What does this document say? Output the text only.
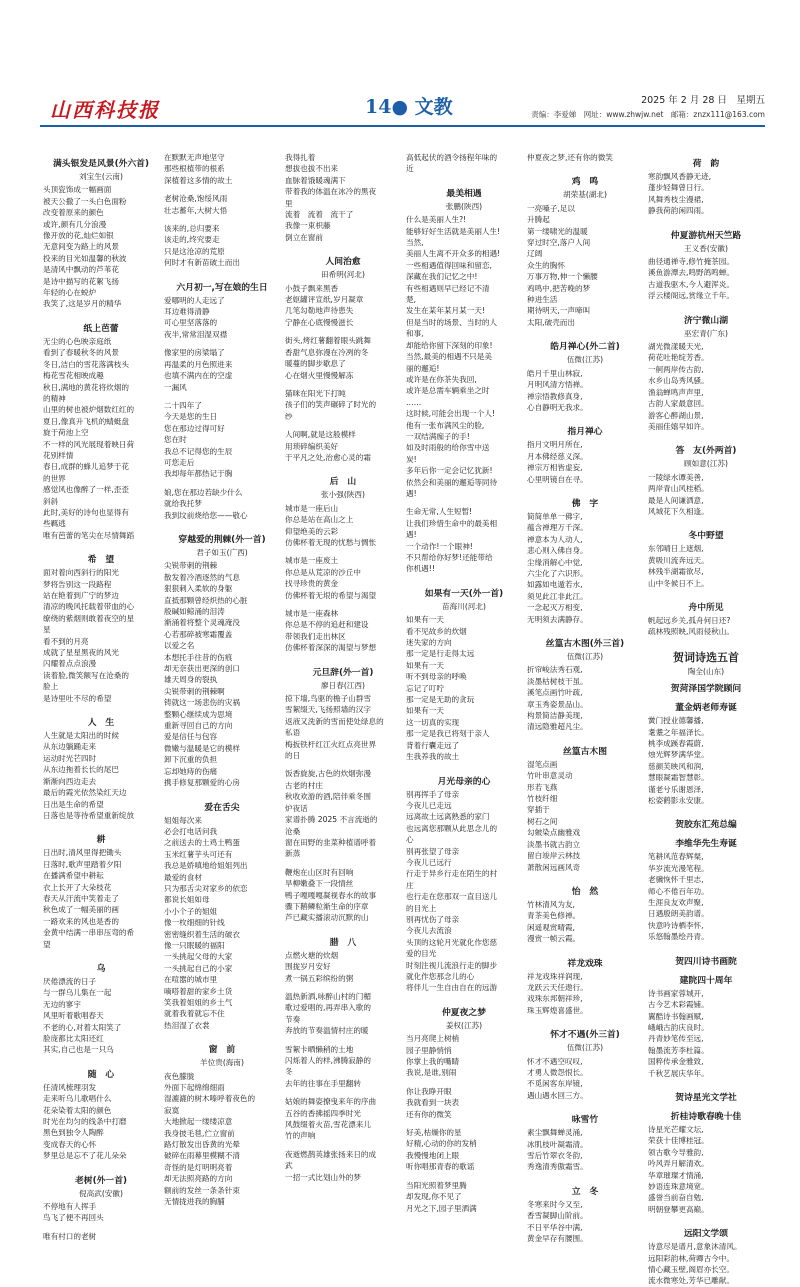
山西科技报	14● 文教	2025 年 2 月 28 日　星期五
责编：李爱娣　网址：www.zhwjw.net　邮箱：znzx111@163.com

满头银发是风景(外六首)

刘宝生(云南)

头顶瓷饰成一幅画面

被天公撒了一头白色面粉

改变着原来的颜色

或许,颜有几分浪漫

像开放的花,灿烂如银

无意间变为路上的风景

投来的目光如温馨的秋波

是清风中飘动的芦苇花

是诗中描写的花絮飞扬

年轻的心在蜕炉

我笑了,这是岁月的精华

纸上芭蕾

无尘的心色映亲庭纸

看到了春暖秋冬的风景

冬日,洁白的雪花落满枝头

梅花雪花相映成趣

秋日,满地的黄花将炊烟的

的精神

山里的树也被炉烟数红红的

夏日,像真升飞机的蜻蜓盘

旋于荷池上空

不一样的风光展现着映日荷

花别样情

春日,成群的蜂儿追梦于花

的世界

感觉风也像醉了一样,歪歪

斜斜

此时,美好的诗句也显得有

些羁逃

唯有芭蕾的笔尖在尽情舞蹈

希　望

面对着向西斜行的阳光

梦将告别这一段路程

站在艳着到广宁的梦边

清凉的晚风托载着带血的心

缭绕的紫烟则敢着夜空的星

星

看不到的月亮

成就了星星黑夜的风光

闪耀着点点浪漫

读着脸,微笑额写在沧桑的

脸上

是诗里吐不尽的希望

人　生

人生就是太阳出的时候

从东边躺踊走来

运动时光芒四时

从东边拖着长长的尾巴

渐渐向西边走去

最后的霞光依然染红天边

日出是生命的希望

日落也是等待希望重新绽放

耕

日出时,清风里得把锄头

日落时,歌声里踏着夕阳

在播满希望中耕耘

衣上长开了大朵枝花

春天从汗流中笑着走了

秋色成了一幅美丽的画

一路欢来的风也是香的

金黄中结满一串串压弯的希

望

乌

厌倦漂流的日子

与一群乌儿集在一起

无边的寥宇

风里听着歌唱春天

不老的心,对着太阳笑了

脸庞都比太阳还红

其实,自己也是一只乌

随　心

任清风梳理羽发

走来听乌儿歌唱什么

花朵染着太阳的颜色

时光在均匀的线条中打磨

黑色到独令人陶醉

变成春天的心怀

梦里总是忘不了花儿朵朵

老树(外一首)

倪高武(安徽)

不停地有人挥手

鸟飞了便不再回头

唯有村口的老树

在默默无声地坚守

那些根植带的根系

深植着这多情的故土

老树沧桑,饱绥风雨

壮志蓄年,大树大悟

该来的,总归要来

该走的,终究要走

只是这沧凉的荒原

何时才有新苗破土而出

六月初一,写在娘的生日

爱哪明的人走远了

耳边难得清静

可心里坚落落的

夜半,常常泪湿双襟

像家里的房梁塌了

再温柔的月色照进来

也填不满内在的空虚

一漏风

二十四年了

今天是您的生日

您在那边过得可好

您在时

我总不记得您的生辰

可您走后

我却每年都热记于胸

娘,您在那边若缺少什么

就给我托梦

我到坟前烧给您——敬心

穿越爱的荆棘(外一首)

君子如玉(广西)

尖锐带刺的荆棘

散发着冷酒逐然的气息

狠狠刺入柔软的身躯

直抵那颗曾经炽热的心脏

殷碱如鲸涌的泪涛

渐涌着将整个灵魂淹没

心若那碎被寒霜覆盖

以爱之名

本想托手往昔的伤痕

却无奈获出更深的创口

雄天周身的裂执

尖锐带刺的荆棘啊

铸就这一场悲伤的灾祸

整颗心继续成为思境

重新寻回自己的方向

爱是信任与包容

微嫩与温暖是它的模样

卸下沉重的负担

忘却她痔的伤痛

携手修复那颗爱的心房

爱在舌尖

姐姐每次来

必会打电话问我

之前送去的土鸡土鸭蛋

玉米红薯芋头可还有

我总是娇嗔地给姐姐列出

最爱的食材

只为那舌尖对家乡的依恋

都说长姐如母

小小个子的姐姐

像一枚细细的针线

密密缝织着生活的破衣

像一只眠暖的福阳

一头挑起父母的大家

一头挑起自己的小家

在喧嚣的城市里

嘀嗒着甜的家乡土货

笑我着姐姐的乡土气

就着我着就忘不住

热泪湿了衣裳

窗　前

羊位贵(海南)

夜色朦胧

外面下起绵绵细雨

湿漉漉的树木嗪呼着夜色的

寂寞

大地掀起一缕缕凉意

我身披毛毯,伫立窗前

路灯散发出昏黄的光晕

破碎在雨幕里模糊不清

奇怪的是灯明明亮着

却无法照亮路的方向

额前的发丝一条条针束

无情拢进我的胸脯

我得扎着

想拔也拔不出来

血脉着饿暖魂满下

带着我的体温在冰冷的黑夜

里

流着　流着　流干了

我像一束枳藤

倒立在窗前

人间治愈

田希明(河北)

小鼓子飘来黑香

老妪罐评宣纸,岁月凝章

几笔勾勒地声待患失

宁静在心底慢慢滋长

街头,烤红薯翻着眼头跳舞

香甜气息弥漫在冷冽的冬

暖蔓的脚步歇息了

心在烟火里慢慢解冻

猫咪在阳光下打盹

孩子们的笑声碾碎了时光的

纱

人间啊,就是这般模样

用琐碎编织美好

于平凡之处,治愈心灵的霜

后　山

张小强(陕西)

城市是一座后山

你总是站在高山之上

仰望绝美的云彩

仿佛杯着无现的忧愁与惆怅

城市是一座废土

你总是从荒凉的沙丘中

找寻珍贵的黄金

仿佛杯着无垠的希望与渴望

城市是一座森林

你总是不停的追赶和建设

带领我们走出林区

仿佛杯着深深的渴望与梦想

元旦辞(外一首)

廖日春(江西)

掠下墙,鸟驱的檐子山群雪

雪絮缀天,飞扬照墙的汉字

返液又洗新的雪而使处绿息的

私语

梅扳铁杆红江火红点亮世界

的日

饭香旋旋,古色的炊烟弥漫

古老的村庄

秋收欢游的酒,陪伴乘冬围

炉夜话

家谱扑腾 2025 不言流逝的

沧桑

窗在田野的韭菜种植谱呼着

新蒸

鞭炮在山区时有回响

旱柳嫩叠下一段情丝

鸭子嘎嘎嘎凝视春水的故事

骤下鹅鳞粒渐生命的序章

芦已藏实播滚动沉默的山

腊　八

点燃火塘的炊烟

围拢岁月安好

煮一锅五彩缤纷的粥

温热新洒,咏醉山村的门楣

歌过爱唱的,再弄串入歌的

节奏

奔放的节奏温情村庄的暖

雪絮卡晒懒稍的土地

闪烁着人的样,沸腾寂静的

冬

去年的往事在手里翻转

姑娘的舞姿撩曳来年的序曲

五谷的香拂摇四季时光

风鼓缀着火苗,雪花漂来儿

竹的声响

夜逝燃鹊英雄张扬来日的成

武

一招一式比划山外的梦

高低起伏的酒令扬程年味的

近

最美相遇

张鹏(陕西)

什么是美丽人生?!

能够好好生活就是美丽人生!

当然,

美丽人生离不开众多的相遇!

一些相遇值得回味和留恋,

深藏在我们记忆之中!

有些相遇则早已经记不清

楚,

发生在某年某月某一天!

但是当时的场景、当时的人

和事,

却能给你留下深刻的印象!

当然,最美的相遇不只是美

丽的邂逅!

或许是在你茶失我回,

或许是总需车辆乘坐之时

……

这时候,可能会出现一个人!

他有一张布满风尘的脸,

一双结满痂子的手!

如及时雨般的给你雪中送

炭!

多年后你一定会记忆犹新!

依然会和美丽的邂逅等同待

遇!

生命无常,人生短暂!

让我们珍惜生命中的最美相

遇!

一个动作!一个眼神!

不只帮给你好梦!还能带给

你机遇!!

如果有一天(外一首)

苗海川(河北)

如果有一天

看不见故乡的炊烟

迷失家的方向

那一定是行走得太远

如果有一天

听不到母亲的呼唤

忘记了叮咛

那一定是无助的贪玩

如果有一天

这一切真的实现

那一定是我已将刻于亲人

背着行囊走远了

生我养我的故土

月光母亲的心

别再挥手了母亲

今夜儿已走远

远离故土远离熟悉的家门

也远离您那颗从此思念儿的

心

别再张望了母亲

今夜儿已远行

行走于异乡行走在陌生的村

庄

也行走在您那双一直目送儿

的目光上

别再忧伤了母亲

今夜儿去流浪

头顶的这轮月光就化作您慈

爱的目光

时刻注视儿流浪行走的脚步

就化作您那念儿的心

将伴儿一生自由自在的远游

仲夏夜之梦

姜权(江苏)

当月亮爬上树梢

园子里静悄悄

你掌上我的嘴睛

我说,是谁,别闹

你让我睁开眼

我就看到一块表

还有你的微笑

好美,枯燥你的星

好精,心动的你的发梢

我慢慢地闭上眼

听你唱那青春的歌谣

当阳光照着梦里腾

却发现,你不见了

月光之下,园子里洒满

仲夏夜之梦,还有你的微笑

鸡　鸣

胡荣基(湖北)

一亮嗓子,足以

升腾起

第一缕啸光的温暖

穿过时空,落户人间

辽阔

众生的胸怀

万事万物,伸一个懒腰

鸡鸣中,把苦晚的梦

种进生活

期待明天,一声啼叫

太阳,破壳而出

皓月禅心(外二首)

伍微(江苏)

皓月千里山林寂,

月明风清方悟禅。

禅宗悟教修真身,

心自静明无我求。

指月禅心

指月文明月所在,

月本佛经慈义深。

禅宗万相皆虚妄,

心里明镜自在寻。

佛　字

简简单单一佛字,

蕴含禅理万千深。

禅意本为人动人,

悲心则入佛自身。

尘缘消解心中觉,

六尘化了六识形。

如露如电遁若水,

须见此江非此江。

一念起灭万相变,

无明须去满静存。

丝篁古木图(外三首)

伍微(江苏)

折帘峻法秀石观,

淡墨枯树枝干虽。

溪笔点画竹叶疏,

章玉秀姿景品山。

构景简洁静美现,

清远隐雅超凡尘。

丝篁古木图

湿笔点画

竹叶串意灵动

形若飞燕

竹枝纤细

穿插于

树石之间

勾皴染点幽雅戏

淡墨书就古韵立

留白竣岸云林技

萧散闲远画风奇

怡　然

竹林清风为友,

青茶美色修禅。

闲遥观赏晴霞,

漫赏一帧云霞。

祥龙戏珠

祥龙戏珠祥润现,

龙跃云天任遨行。

戏珠东邦朝祥珍,

珠玉辉煌喜盛世。

怀才不遇(外三首)

伍微(江苏)

怀才不遇空叹叹,

才勇人微怨恨长。

不觅闲客东岸镜,

遇山遇水回三方。

咏雪竹

素尘飘舞蝉灵涌,

冰肌枝叶凝霜清。

雪后竹翠衣冬韵,

秀逸清秀傲霜雪。

立　冬

冬寒来时今又至,

香雪凝脚山阶前。

不日平华谷中满,

黄金早存有腰围。

荷　韵

寒韵飘风香静无迹,

蓬步轻舞曾日行。

风舞秀枝尘漫裙,

静我荷韵闲四雨。

仲夏游杭州天竺路

王义香(安徽)

曲径通禅寺,修竹掩茶园。

溪鱼游潭去,鸣野鸽鸣蝉。

古道我驱木,今人避浑炎。

浮云楼阁远,赏缘立千年。

济宁微山湖

巫宏青(广东)

湖光微漾暖天光,

荷花吐艳绽芳香。

一舸两岸传古韵,

水乡山岛秀风骚。

渔翁蝉鸣声声里,

古韵人家最意回。

游客心醉湖山景,

美丽佳嬉早如许。

答　友(外两首)

顾如意(江苏)

一陵绿水谭美善,

两岸青山风桂稻。

最是人间谦洒意,

风城花下久相逢。

冬中野望

东邻晴日上遮烟,

黄吸川流奔远天。

林残半湖霜欲尽,

山中冬候日不上。

舟中所见

帆起远乡关,孤舟何日还?

疏林残照映,风雨侵秋山。

贺词诗选五首

陶全(山东)

贺菏泽国学院顾问

董金炳老师寿诞

黉门授业德馨播,

耄耋之年福泽长。

桃李成蹊春霞蔚,

烛光辉梦满华堂。

慈颜芙映风和润,

慧眼凝霜智慧彰。

谨老兮乐谢恩泽,

松姿鹤影永安康。

贺胶东汇苑总编

李维华先生寿诞

笔耕风范春辉粲,

华岁流光漫笔程。

老骥恢怀千里志,

师心不倦百年功。

生涯良友欢声聚,

日遇殷朗美韵谱。

快意吟诗栖李怀,

乐悠翰墨绘丹青。

贺四川诗书画院

建院四十周年

诗书画家蓉城开,

古今艺术彩霞铺。

翼酷诗书翰画赋,

峨峨古韵庆良时。

丹青妙笔传至远,

翰墨流芳李杜篇。

国粹传承金雅致,

千秋艺展庆华年。

贺诗星光文学社

折桂诗歌春晚十佳

诗星光芒耀文坛,

荣获十佳博桂冠。

领古歌今导雅韵,

吟风弄月解清欢。

华章璀璨才情涌,

妙语连珠意境宽。

盛誉当前奋自勉,

明朝登攀更高巅。

远阳文学颂

诗意尽是谱月,意象沐清风。

远阳彩韵林,荷卿古今中。

情心藏玉壁,阁眉亦长空。

流水微寒处,芳华已雕献。
